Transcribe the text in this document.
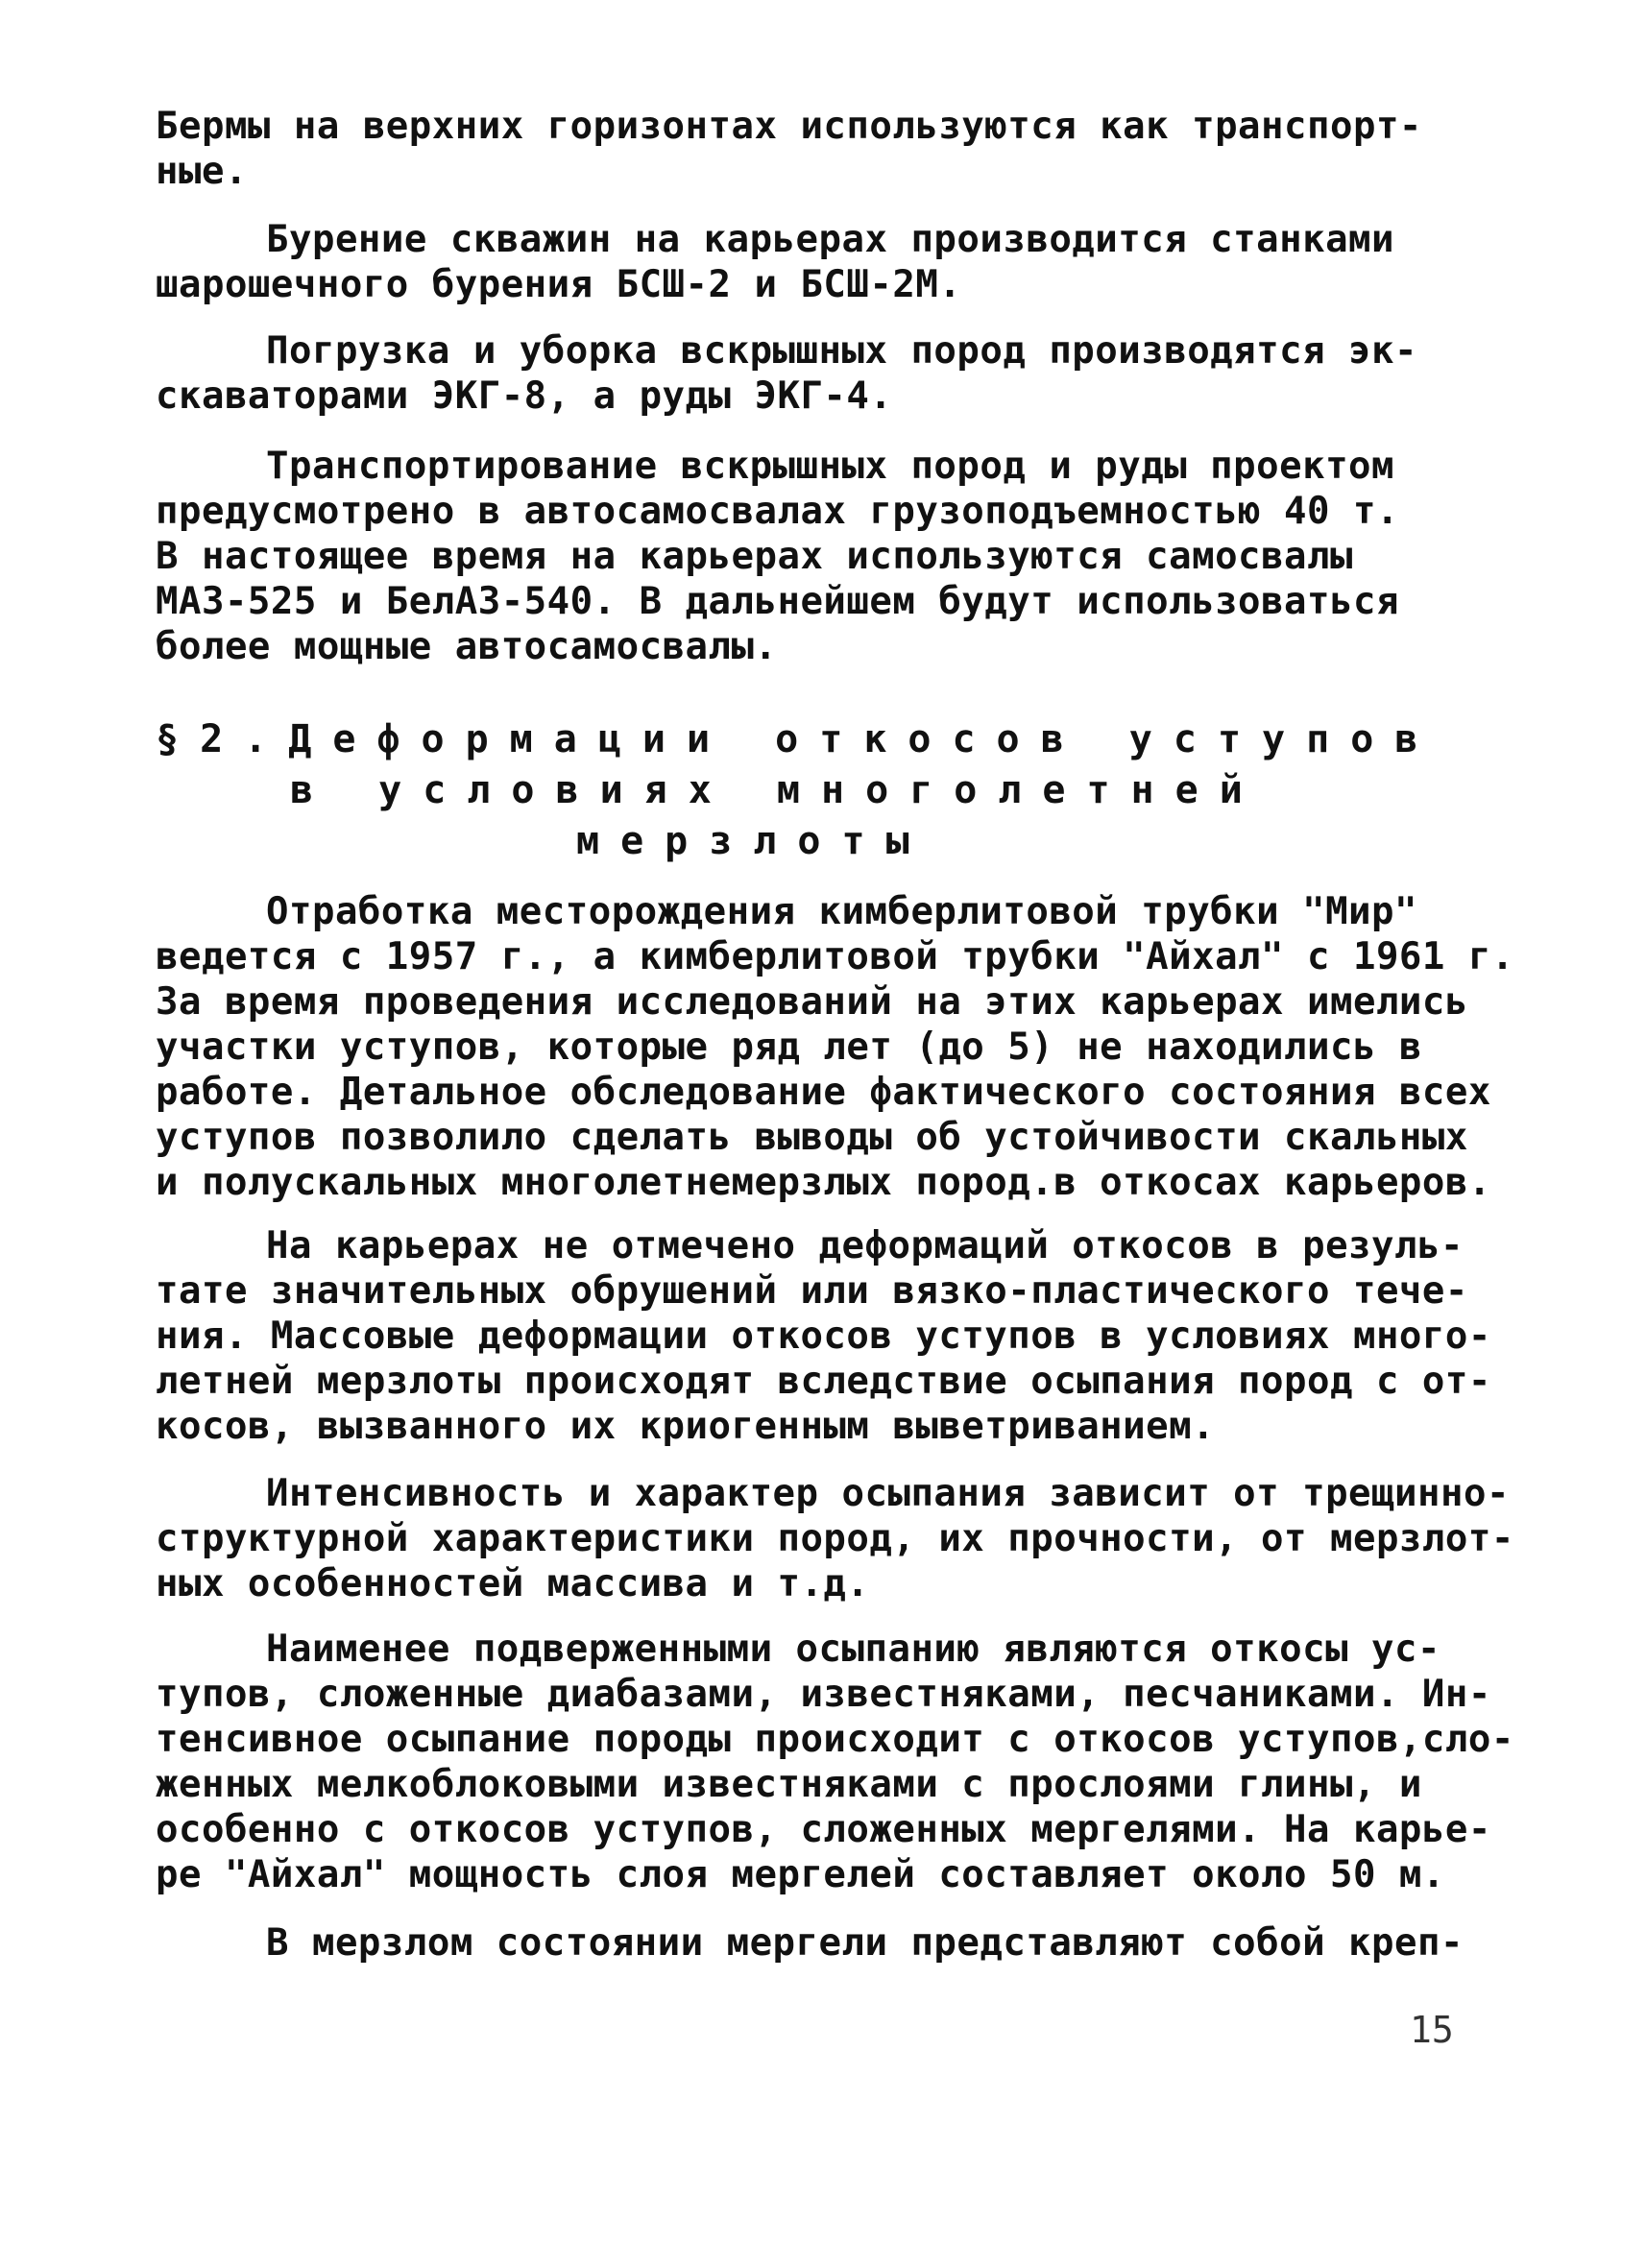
Бермы на верхних горизонтах используются как транспорт-
ные.
Бурение скважин на карьерах производится станками
шарошечного бурения БСШ-2 и БСШ-2М.
Погрузка и уборка вскрышных пород производятся эк-
скаваторами ЭКГ-8, а руды ЭКГ-4.
Транспортирование вскрышных пород и руды проектом
предусмотрено в автосамосвалах грузоподъемностью 40 т.
В настоящее время на карьерах используются самосвалы
МАЗ-525 и БелАЗ-540. В дальнейшем будут использоваться
более мощные автосамосвалы.
§2.Деформации откосов уступов
в условиях многолетней
мерзлоты
Отработка месторождения кимберлитовой трубки "Мир"
ведется с 1957 г., а кимберлитовой трубки "Айхал" с 1961 г.
За время проведения исследований на этих карьерах имелись
участки уступов, которые ряд лет (до 5) не находились в
работе. Детальное обследование фактического состояния всех
уступов позволило сделать выводы об устойчивости скальных
и полускальных многолетнемерзлых пород.в откосах карьеров.
На карьерах не отмечено деформаций откосов в резуль-
тате значительных обрушений или вязко-пластического тече-
ния. Массовые деформации откосов уступов в условиях много-
летней мерзлоты происходят вследствие осыпания пород с от-
косов, вызванного их криогенным выветриванием.
Интенсивность и характер осыпания зависит от трещинно-
структурной характеристики пород, их прочности, от мерзлот-
ных особенностей массива и т.д.
Наименее подверженными осыпанию являются откосы ус-
тупов, сложенные диабазами, известняками, песчаниками. Ин-
тенсивное осыпание породы происходит с откосов уступов,сло-
женных мелкоблоковыми известняками с прослоями глины, и
особенно с откосов уступов, сложенных мергелями. На карье-
ре "Айхал" мощность слоя мергелей составляет около 50 м.
В мерзлом состоянии мергели представляют собой креп-
15
